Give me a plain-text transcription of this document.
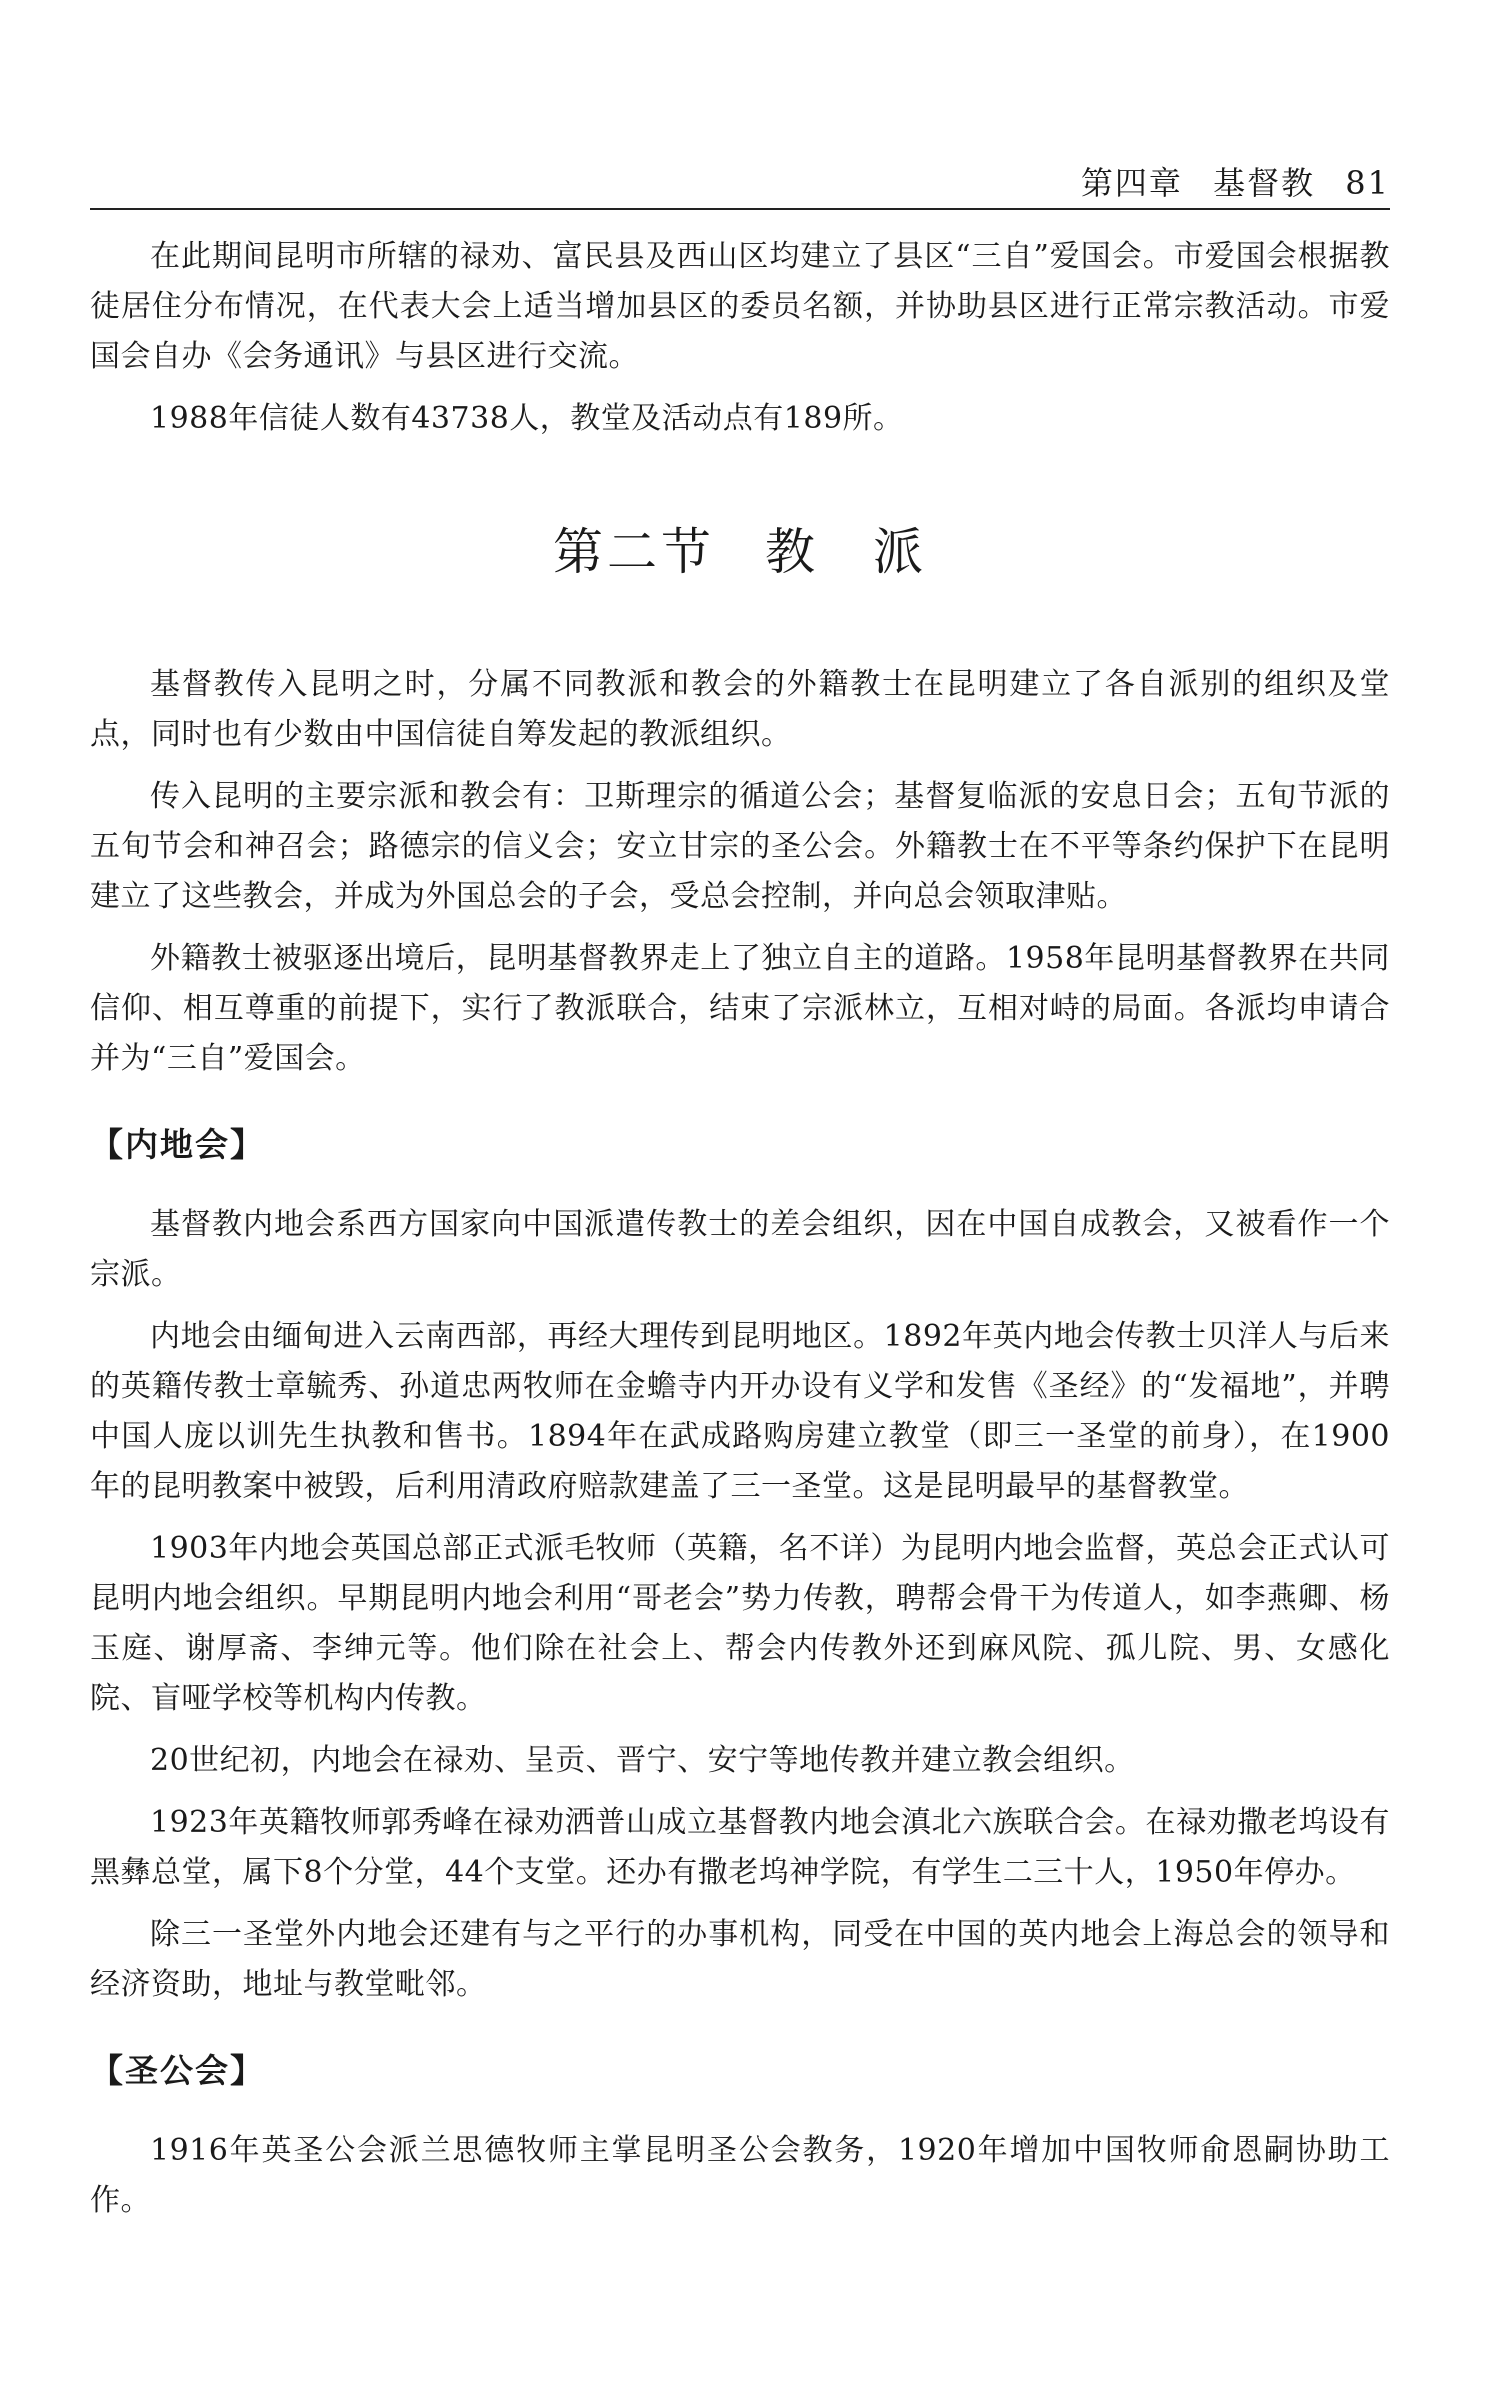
第四章 基督教 81

在此期间昆明市所辖的禄劝、富民县及西山区均建立了县区“三自”爱国会。市爱国会根据教徒居住分布情况，在代表大会上适当增加县区的委员名额，并协助县区进行正常宗教活动。市爱国会自办《会务通讯》与县区进行交流。

1988年信徒人数有43738人，教堂及活动点有189所。

第二节 教　派

基督教传入昆明之时，分属不同教派和教会的外籍教士在昆明建立了各自派别的组织及堂点，同时也有少数由中国信徒自筹发起的教派组织。

传入昆明的主要宗派和教会有：卫斯理宗的循道公会；基督复临派的安息日会；五旬节派的五旬节会和神召会；路德宗的信义会；安立甘宗的圣公会。外籍教士在不平等条约保护下在昆明建立了这些教会，并成为外国总会的子会，受总会控制，并向总会领取津贴。

外籍教士被驱逐出境后，昆明基督教界走上了独立自主的道路。1958年昆明基督教界在共同信仰、相互尊重的前提下，实行了教派联合，结束了宗派林立，互相对峙的局面。各派均申请合并为“三自”爱国会。

【内地会】

基督教内地会系西方国家向中国派遣传教士的差会组织，因在中国自成教会，又被看作一个宗派。

内地会由缅甸进入云南西部，再经大理传到昆明地区。1892年英内地会传教士贝洋人与后来的英籍传教士章毓秀、孙道忠两牧师在金蟾寺内开办设有义学和发售《圣经》的“发福地”，并聘中国人庞以训先生执教和售书。1894年在武成路购房建立教堂（即三一圣堂的前身），在1900年的昆明教案中被毁，后利用清政府赔款建盖了三一圣堂。这是昆明最早的基督教堂。

1903年内地会英国总部正式派毛牧师（英籍，名不详）为昆明内地会监督，英总会正式认可昆明内地会组织。早期昆明内地会利用“哥老会”势力传教，聘帮会骨干为传道人，如李燕卿、杨玉庭、谢厚斋、李绅元等。他们除在社会上、帮会内传教外还到麻风院、孤儿院、男、女感化院、盲哑学校等机构内传教。

20世纪初，内地会在禄劝、呈贡、晋宁、安宁等地传教并建立教会组织。

1923年英籍牧师郭秀峰在禄劝洒普山成立基督教内地会滇北六族联合会。在禄劝撒老坞设有黑彝总堂，属下8个分堂，44个支堂。还办有撒老坞神学院，有学生二三十人，1950年停办。

除三一圣堂外内地会还建有与之平行的办事机构，同受在中国的英内地会上海总会的领导和经济资助，地址与教堂毗邻。

【圣公会】

1916年英圣公会派兰思德牧师主掌昆明圣公会教务，1920年增加中国牧师俞恩嗣协助工作。
